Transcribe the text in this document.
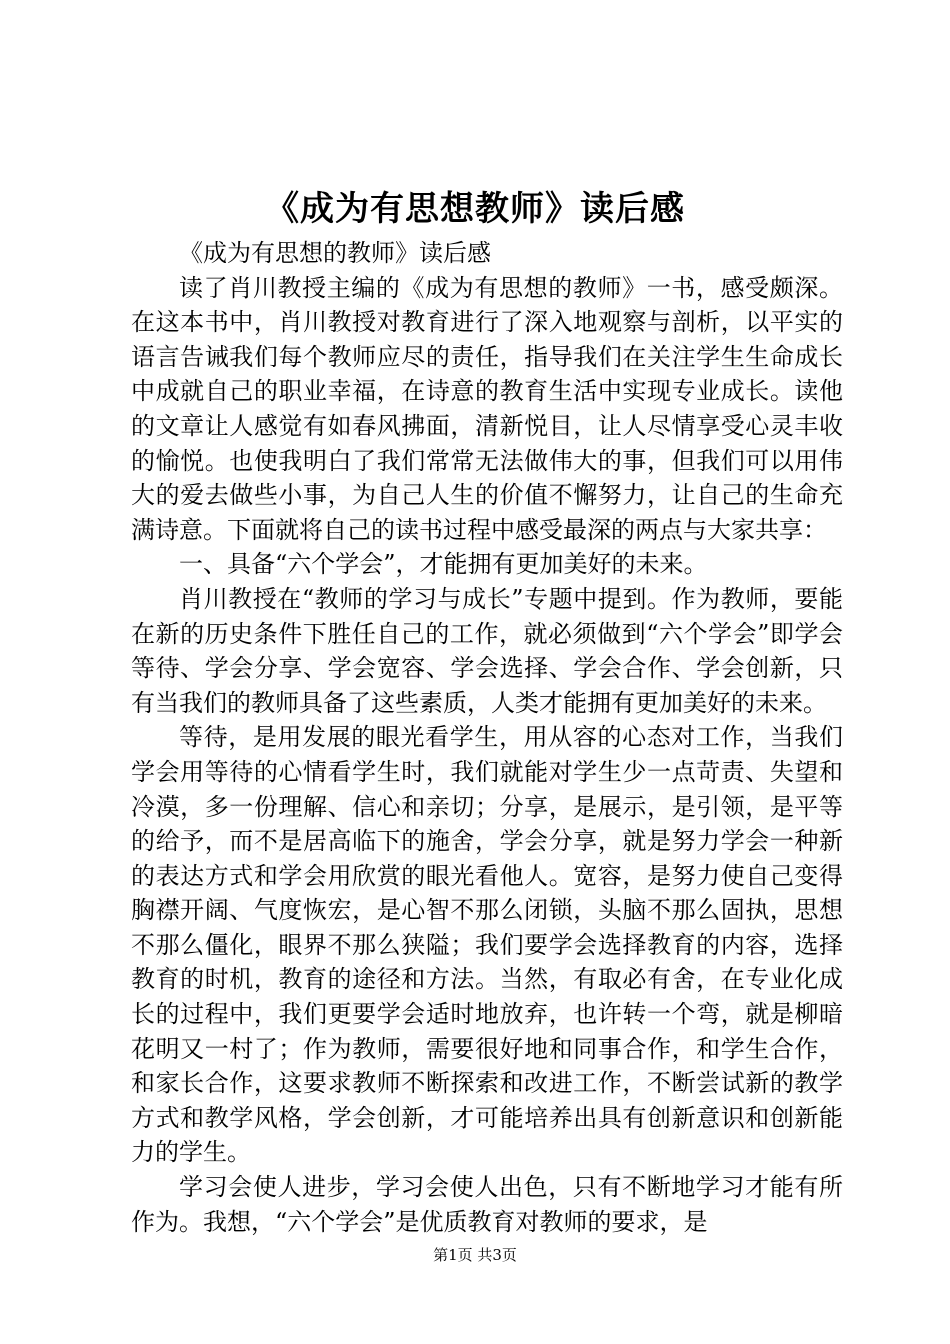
《成为有思想教师》读后感

《成为有思想的教师》读后感

读了肖川教授主编的《成为有思想的教师》一书，感受颇深。在这本书中，肖川教授对教育进行了深入地观察与剖析，以平实的语言告诫我们每个教师应尽的责任，指导我们在关注学生生命成长中成就自己的职业幸福，在诗意的教育生活中实现专业成长。读他的文章让人感觉有如春风拂面，清新悦目，让人尽情享受心灵丰收的愉悦。也使我明白了我们常常无法做伟大的事，但我们可以用伟大的爱去做些小事，为自己人生的价值不懈努力，让自己的生命充满诗意。下面就将自己的读书过程中感受最深的两点与大家共享：

一、具备“六个学会”，才能拥有更加美好的未来。

肖川教授在“教师的学习与成长”专题中提到。作为教师，要能在新的历史条件下胜任自己的工作，就必须做到“六个学会”即学会等待、学会分享、学会宽容、学会选择、学会合作、学会创新，只有当我们的教师具备了这些素质，人类才能拥有更加美好的未来。

等待，是用发展的眼光看学生，用从容的心态对工作，当我们学会用等待的心情看学生时，我们就能对学生少一点苛责、失望和冷漠，多一份理解、信心和亲切；分享，是展示，是引领，是平等的给予，而不是居高临下的施舍，学会分享，就是努力学会一种新的表达方式和学会用欣赏的眼光看他人。宽容，是努力使自己变得胸襟开阔、气度恢宏，是心智不那么闭锁，头脑不那么固执，思想不那么僵化，眼界不那么狭隘；我们要学会选择教育的内容，选择教育的时机，教育的途径和方法。当然，有取必有舍，在专业化成长的过程中，我们更要学会适时地放弃，也许转一个弯，就是柳暗花明又一村了；作为教师，需要很好地和同事合作，和学生合作，和家长合作，这要求教师不断探索和改进工作，不断尝试新的教学方式和教学风格，学会创新，才可能培养出具有创新意识和创新能力的学生。

学习会使人进步，学习会使人出色，只有不断地学习才能有所作为。我想，“六个学会”是优质教育对教师的要求，是

第1页 共3页
